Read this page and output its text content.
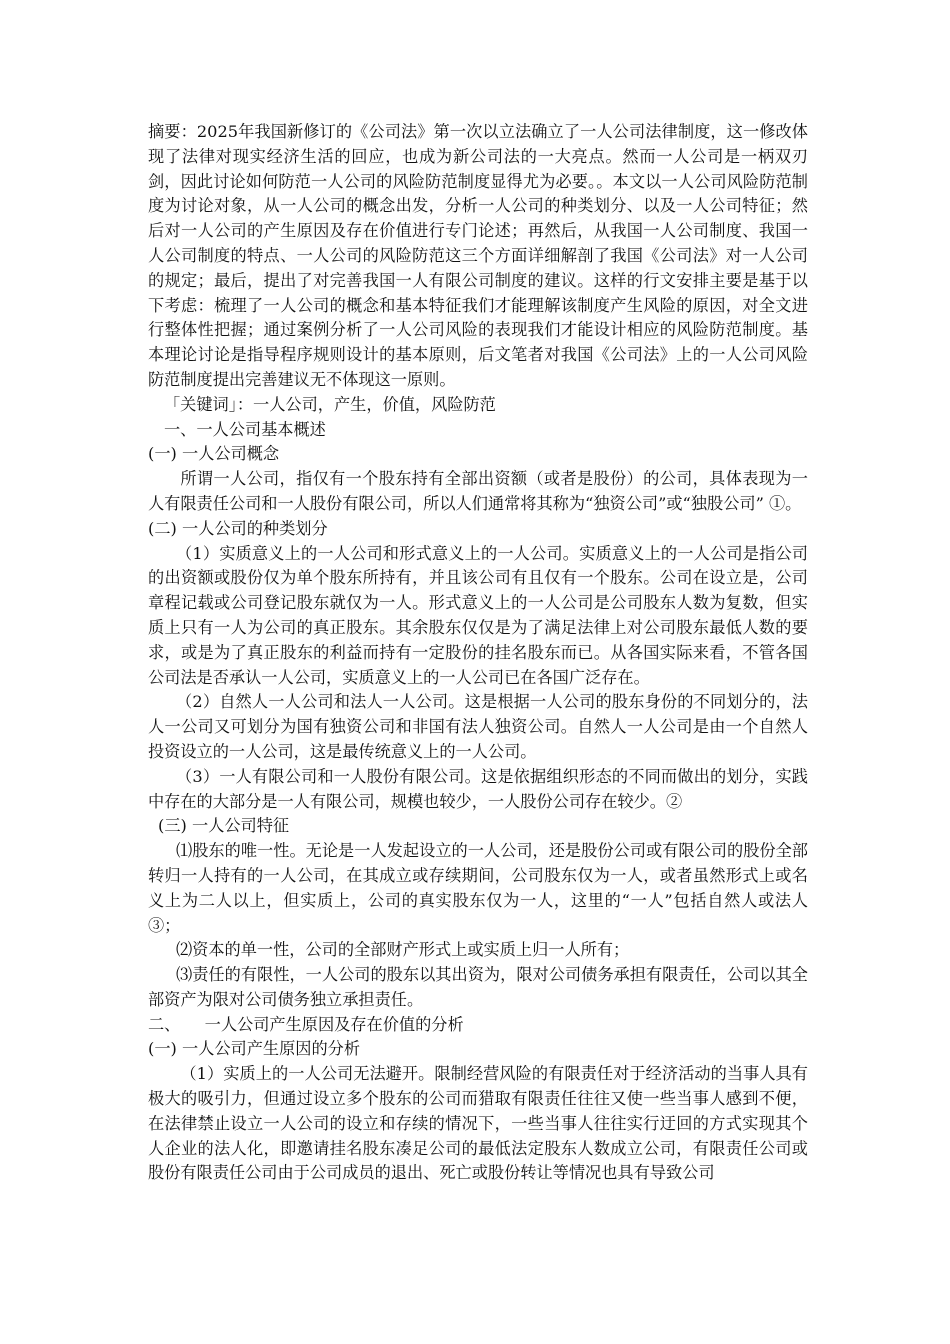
摘要：2025年我国新修订的《公司法》第一次以立法确立了一人公司法律制度，这一修改体现了法律对现实经济生活的回应，也成为新公司法的一大亮点。然而一人公司是一柄双刃剑，因此讨论如何防范一人公司的风险防范制度显得尤为必要。。本文以一人公司风险防范制度为讨论对象，从一人公司的概念出发，分析一人公司的种类划分、以及一人公司特征；然后对一人公司的产生原因及存在价值进行专门论述；再然后，从我国一人公司制度、我国一人公司制度的特点、一人公司的风险防范这三个方面详细解剖了我国《公司法》对一人公司的规定；最后，提出了对完善我国一人有限公司制度的建议。这样的行文安排主要是基于以下考虑：梳理了一人公司的概念和基本特征我们才能理解该制度产生风险的原因，对全文进行整体性把握；通过案例分析了一人公司风险的表现我们才能设计相应的风险防范制度。基本理论讨论是指导程序规则设计的基本原则，后文笔者对我国《公司法》上的一人公司风险防范制度提出完善建议无不体现这一原则。

「关键词」：一人公司，产生，价值，风险防范

一、一人公司基本概述

(一) 一人公司概念

所谓一人公司，指仅有一个股东持有全部出资额（或者是股份）的公司，具体表现为一人有限责任公司和一人股份有限公司，所以人们通常将其称为“独资公司”或“独股公司” ①。

(二) 一人公司的种类划分

（1）实质意义上的一人公司和形式意义上的一人公司。实质意义上的一人公司是指公司的出资额或股份仅为单个股东所持有，并且该公司有且仅有一个股东。公司在设立是，公司章程记载或公司登记股东就仅为一人。形式意义上的一人公司是公司股东人数为复数，但实质上只有一人为公司的真正股东。其余股东仅仅是为了满足法律上对公司股东最低人数的要求，或是为了真正股东的利益而持有一定股份的挂名股东而已。从各国实际来看，不管各国公司法是否承认一人公司，实质意义上的一人公司已在各国广泛存在。

（2）自然人一人公司和法人一人公司。这是根据一人公司的股东身份的不同划分的，法人一公司又可划分为国有独资公司和非国有法人独资公司。自然人一人公司是由一个自然人投资设立的一人公司，这是最传统意义上的一人公司。

（3）一人有限公司和一人股份有限公司。这是依据组织形态的不同而做出的划分，实践中存在的大部分是一人有限公司，规模也较少，一人股份公司存在较少。②

(三) 一人公司特征

⑴股东的唯一性。无论是一人发起设立的一人公司，还是股份公司或有限公司的股份全部转归一人持有的一人公司，在其成立或存续期间，公司股东仅为一人，或者虽然形式上或名义上为二人以上，但实质上，公司的真实股东仅为一人，这里的“一人”包括自然人或法人③；

⑵资本的单一性，公司的全部财产形式上或实质上归一人所有；

⑶责任的有限性，一人公司的股东以其出资为，限对公司债务承担有限责任，公司以其全部资产为限对公司债务独立承担责任。

二、　　一人公司产生原因及存在价值的分析

(一) 一人公司产生原因的分析

（1）实质上的一人公司无法避开。限制经营风险的有限责任对于经济活动的当事人具有极大的吸引力，但通过设立多个股东的公司而猎取有限责任往往又使一些当事人感到不便，在法律禁止设立一人公司的设立和存续的情况下，一些当事人往往实行迂回的方式实现其个人企业的法人化，即邀请挂名股东凑足公司的最低法定股东人数成立公司，有限责任公司或股份有限责任公司由于公司成员的退出、死亡或股份转让等情况也具有导致公司
